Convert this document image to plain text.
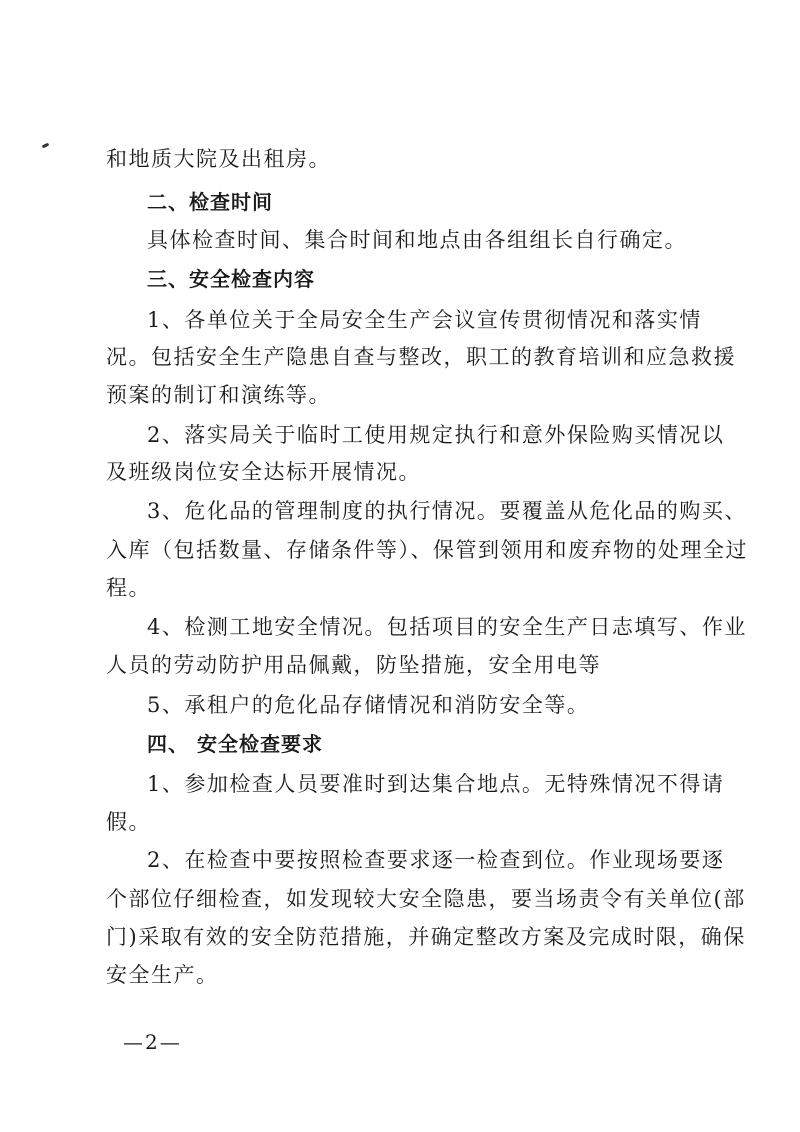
和地质大院及出租房。
二、检查时间
具体检查时间、集合时间和地点由各组组长自行确定。
三、安全检查内容
1、各单位关于全局安全生产会议宣传贯彻情况和落实情
况。包括安全生产隐患自查与整改，职工的教育培训和应急救援
预案的制订和演练等。
2、落实局关于临时工使用规定执行和意外保险购买情况以
及班级岗位安全达标开展情况。
3、危化品的管理制度的执行情况。要覆盖从危化品的购买、
入库（包括数量、存储条件等）、保管到领用和废弃物的处理全过
程。
4、检测工地安全情况。包括项目的安全生产日志填写、作业
人员的劳动防护用品佩戴，防坠措施，安全用电等
5、承租户的危化品存储情况和消防安全等。
四、 安全检查要求
1、参加检查人员要准时到达集合地点。无特殊情况不得请
假。
2、在检查中要按照检查要求逐一检查到位。作业现场要逐
个部位仔细检查，如发现较大安全隐患，要当场责令有关单位(部
门)采取有效的安全防范措施，并确定整改方案及完成时限，确保
安全生产。
—2—
